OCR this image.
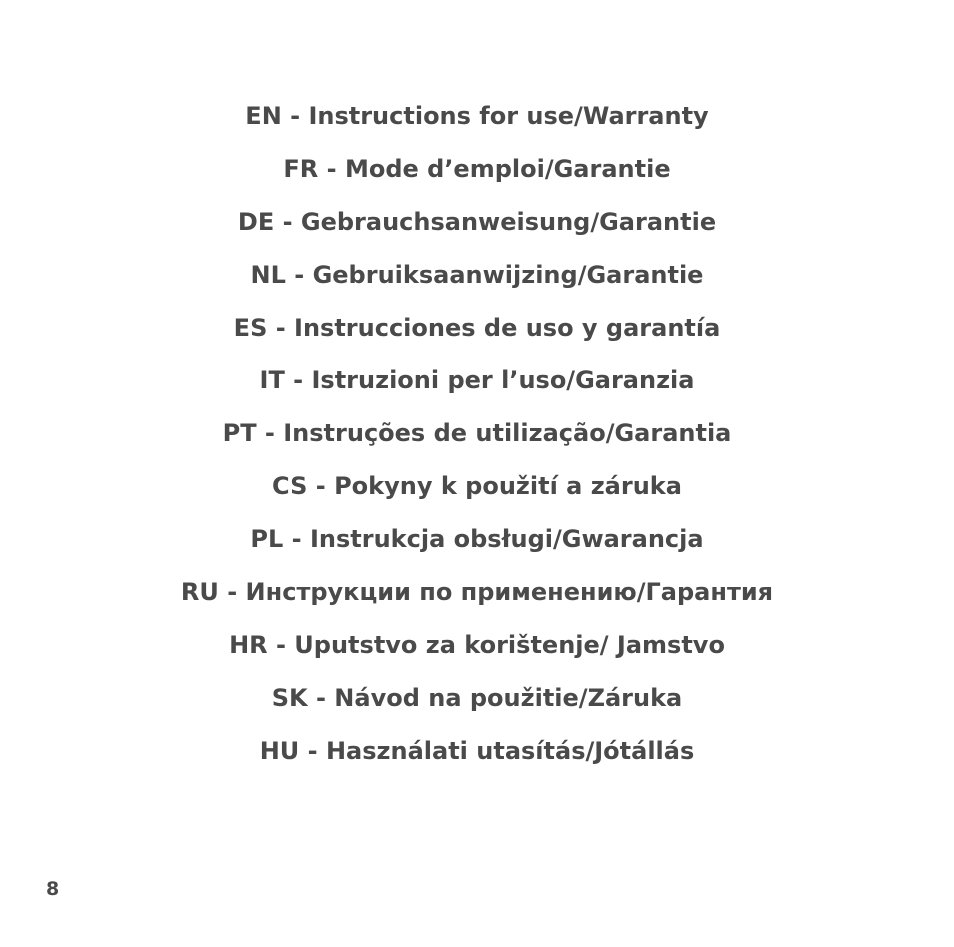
EN - Instructions for use/Warranty
FR - Mode d’emploi/Garantie
DE - Gebrauchsanweisung/Garantie
NL - Gebruiksaanwijzing/Garantie
ES - Instrucciones de uso y garantía
IT - Istruzioni per l’uso/Garanzia
PT - Instruções de utilização/Garantia
CS - Pokyny k použití a záruka
PL - Instrukcja obsługi/Gwarancja
RU - Инструкции по применению/Гарантия
HR - Uputstvo za korištenje/ Jamstvo
SK - Návod na použitie/Záruka
HU - Használati utasítás/Jótállás
8
